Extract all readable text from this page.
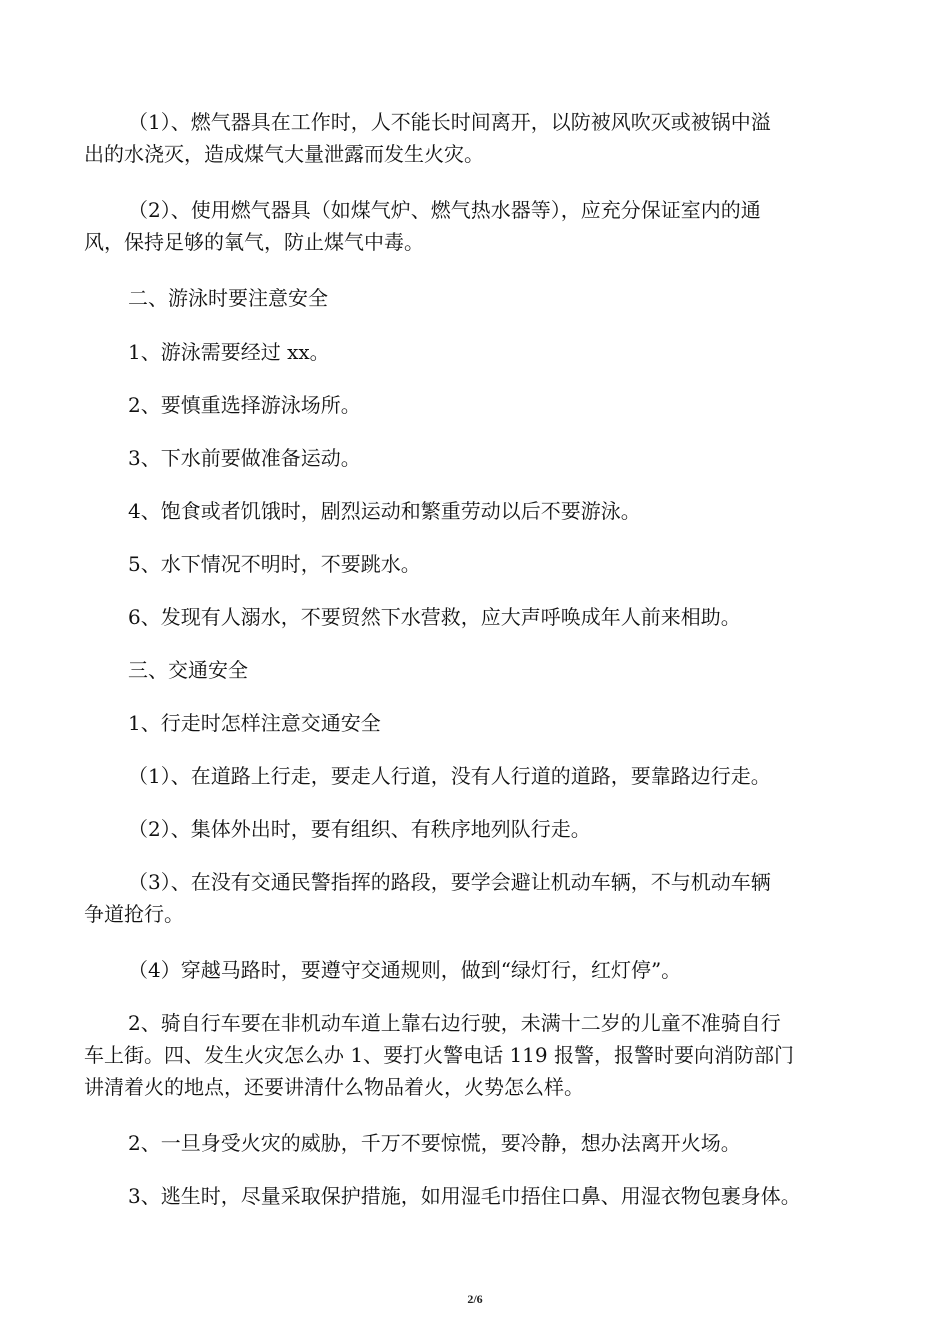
（1）、燃气器具在工作时，人不能长时间离开，以防被风吹灭或被锅中溢
出的水浇灭，造成煤气大量泄露而发生火灾。
（2）、使用燃气器具（如煤气炉、燃气热水器等），应充分保证室内的通
风，保持足够的氧气，防止煤气中毒。
二、游泳时要注意安全
1、游泳需要经过 xx。
2、要慎重选择游泳场所。
3、下水前要做准备运动。
4、饱食或者饥饿时，剧烈运动和繁重劳动以后不要游泳。
5、水下情况不明时，不要跳水。
6、发现有人溺水，不要贸然下水营救，应大声呼唤成年人前来相助。
三、交通安全
1、行走时怎样注意交通安全
（1）、在道路上行走，要走人行道，没有人行道的道路，要靠路边行走。
（2）、集体外出时，要有组织、有秩序地列队行走。
（3）、在没有交通民警指挥的路段，要学会避让机动车辆，不与机动车辆
争道抢行。
（4）穿越马路时，要遵守交通规则，做到“绿灯行，红灯停”。
2、骑自行车要在非机动车道上靠右边行驶，未满十二岁的儿童不准骑自行
车上街。四、发生火灾怎么办 1、要打火警电话 119 报警，报警时要向消防部门
讲清着火的地点，还要讲清什么物品着火，火势怎么样。
2、一旦身受火灾的威胁，千万不要惊慌，要冷静，想办法离开火场。
3、逃生时，尽量采取保护措施，如用湿毛巾捂住口鼻、用湿衣物包裹身体。
2/6
